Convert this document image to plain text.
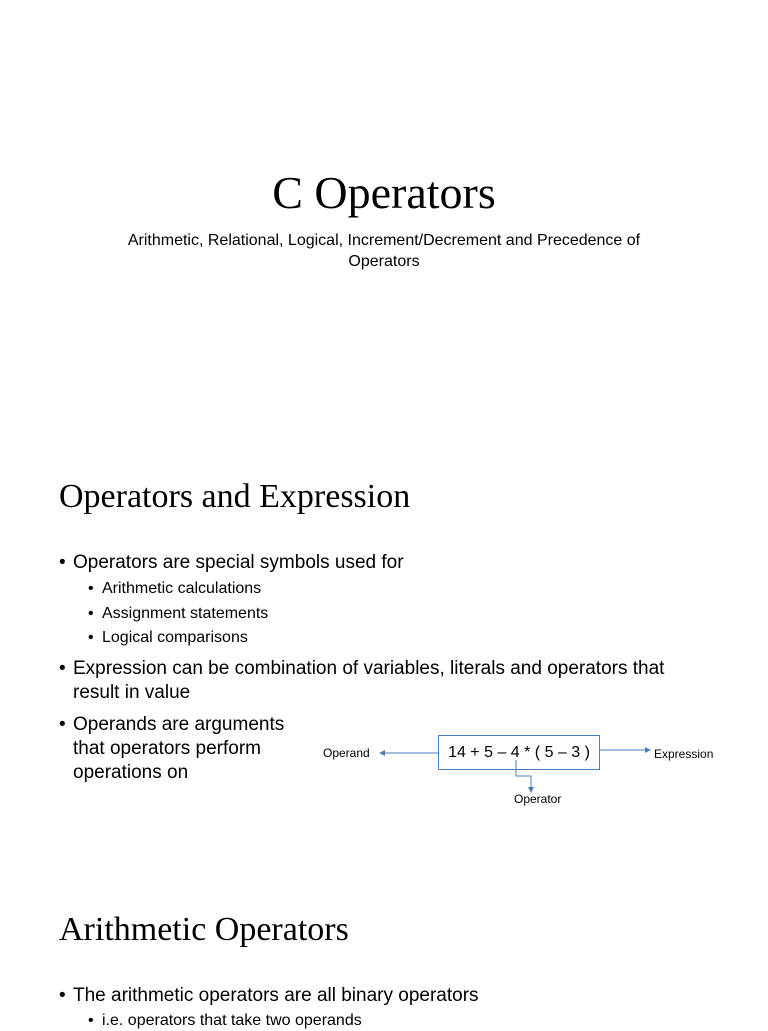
C Operators
Arithmetic, Relational, Logical, Increment/Decrement and Precedence of Operators
Operators and Expression
• Operators are special symbols used for
• Arithmetic calculations
• Assignment statements
• Logical comparisons
• Expression can be combination of variables, literals and operators that result in value
• Operands are arguments that operators perform operations on
14 + 5 – 4 * ( 5 – 3 )
Operand	Expression
Operator
Arithmetic Operators
• The arithmetic operators are all binary operators
• i.e. operators that take two operands
